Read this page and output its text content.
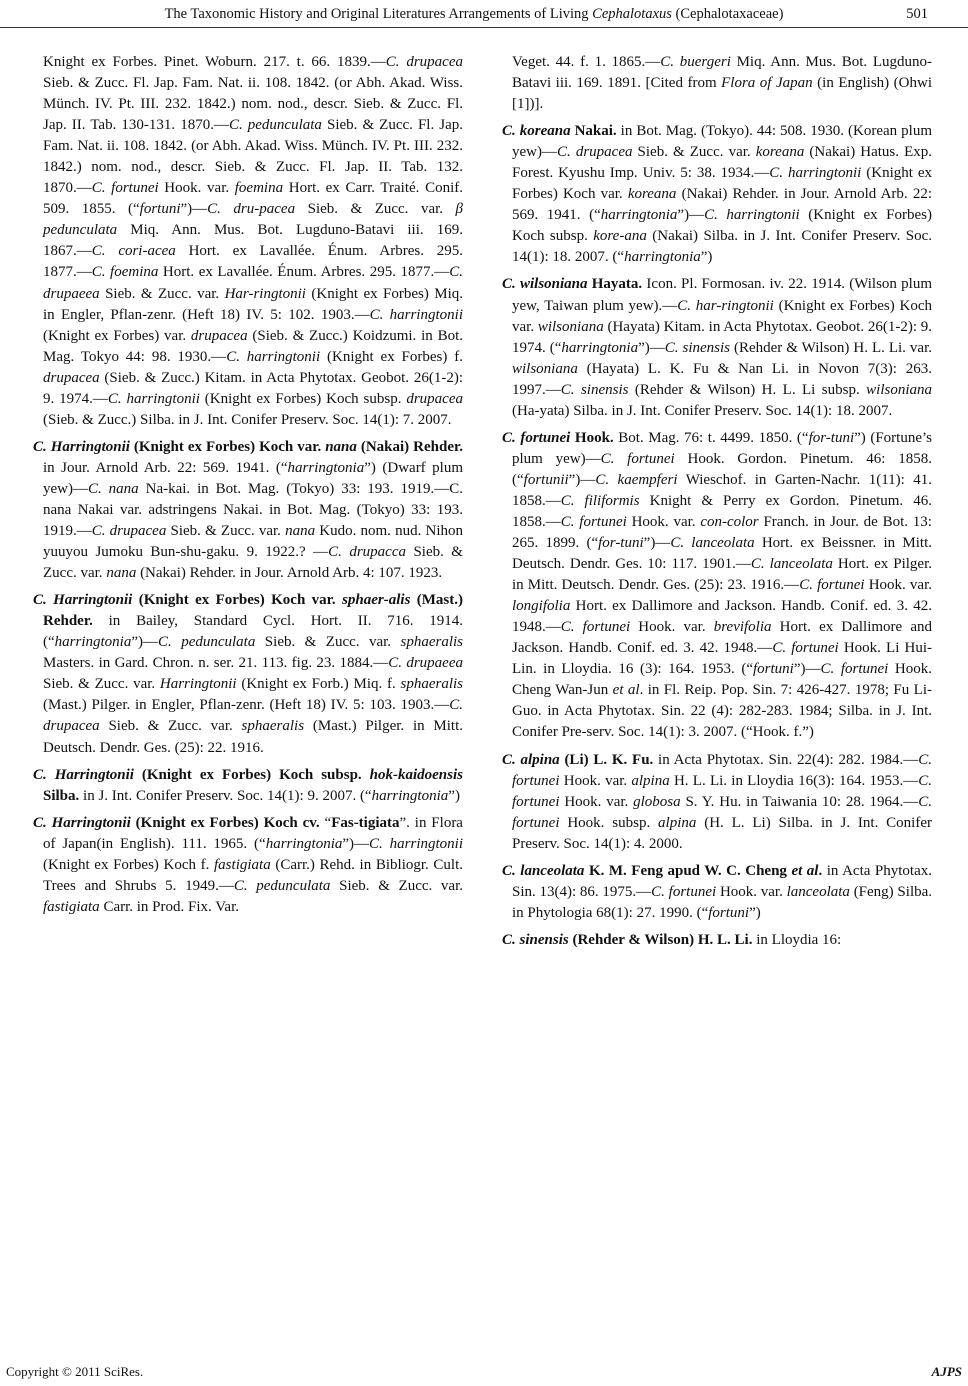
The Taxonomic History and Original Literatures Arrangements of Living Cephalotaxus (Cephalotaxaceae)	501

Knight ex Forbes. Pinet. Woburn. 217. t. 66. 1839.―C. drupacea Sieb. & Zucc. Fl. Jap. Fam. Nat. ii. 108. 1842. (or Abh. Akad. Wiss. Münch. IV. Pt. III. 232. 1842.) nom. nod., descr. Sieb. & Zucc. Fl. Jap. II. Tab. 130-131. 1870.―C. pedunculata Sieb. & Zucc. Fl. Jap. Fam. Nat. ii. 108. 1842. (or Abh. Akad. Wiss. Münch. IV. Pt. III. 232. 1842.) nom. nod., descr. Sieb. & Zucc. Fl. Jap. II. Tab. 132. 1870.―C. fortunei Hook. var. foemina Hort. ex Carr. Traité. Conif. 509. 1855. (“fortuni”)―C. dru-pacea Sieb. & Zucc. var. β pedunculata Miq. Ann. Mus. Bot. Lugduno-Batavi iii. 169. 1867.―C. cori-acea Hort. ex Lavallée. Énum. Arbres. 295. 1877.―C. foemina Hort. ex Lavallée. Énum. Arbres. 295. 1877.―C. drupaeea Sieb. & Zucc. var. Har-ringtonii (Knight ex Forbes) Miq. in Engler, Pflan-zenr. (Heft 18) IV. 5: 102. 1903.―C. harringtonii (Knight ex Forbes) var. drupacea (Sieb. & Zucc.) Koidzumi. in Bot. Mag. Tokyo 44: 98. 1930.―C. harringtonii (Knight ex Forbes) f. drupacea (Sieb. & Zucc.) Kitam. in Acta Phytotax. Geobot. 26(1-2): 9. 1974.―C. harringtonii (Knight ex Forbes) Koch subsp. drupacea (Sieb. & Zucc.) Silba. in J. Int. Conifer Preserv. Soc. 14(1): 7. 2007.

C. Harringtonii (Knight ex Forbes) Koch var. nana (Nakai) Rehder. in Jour. Arnold Arb. 22: 569. 1941. (“harringtonia”) (Dwarf plum yew)―C. nana Na-kai. in Bot. Mag. (Tokyo) 33: 193. 1919.―C. nana Nakai var. adstringens Nakai. in Bot. Mag. (Tokyo) 33: 193. 1919.―C. drupacea Sieb. & Zucc. var. nana Kudo. nom. nud. Nihon yuuyou Jumoku Bun-shu-gaku. 9. 1922.? ―C. drupacca Sieb. & Zucc. var. nana (Nakai) Rehder. in Jour. Arnold Arb. 4: 107. 1923.

C. Harringtonii (Knight ex Forbes) Koch var. sphaer-alis (Mast.) Rehder. in Bailey, Standard Cycl. Hort. II. 716. 1914. (“harringtonia”)―C. pedunculata Sieb. & Zucc. var. sphaeralis Masters. in Gard. Chron. n. ser. 21. 113. fig. 23. 1884.―C. drupaeea Sieb. & Zucc. var. Harringtonii (Knight ex Forb.) Miq. f. sphaeralis (Mast.) Pilger. in Engler, Pflan-zenr. (Heft 18) IV. 5: 103. 1903.―C. drupacea Sieb. & Zucc. var. sphaeralis (Mast.) Pilger. in Mitt. Deutsch. Dendr. Ges. (25): 22. 1916.

C. Harringtonii (Knight ex Forbes) Koch subsp. hok-kaidoensis Silba. in J. Int. Conifer Preserv. Soc. 14(1): 9. 2007. (“harringtonia”)

C. Harringtonii (Knight ex Forbes) Koch cv. “Fas-tigiata”. in Flora of Japan(in English). 111. 1965. (“harringtonia”)―C. harringtonii (Knight ex Forbes) Koch f. fastigiata (Carr.) Rehd. in Bibliogr. Cult. Trees and Shrubs 5. 1949.―C. pedunculata Sieb. & Zucc. var. fastigiata Carr. in Prod. Fix. Var.

Veget. 44. f. 1. 1865.―C. buergeri Miq. Ann. Mus. Bot. Lugduno-Batavi iii. 169. 1891. [Cited from Flora of Japan (in English) (Ohwi [1])].

C. koreana Nakai. in Bot. Mag. (Tokyo). 44: 508. 1930. (Korean plum yew)―C. drupacea Sieb. & Zucc. var. koreana (Nakai) Hatus. Exp. Forest. Kyushu Imp. Univ. 5: 38. 1934.―C. harringtonii (Knight ex Forbes) Koch var. koreana (Nakai) Rehder. in Jour. Arnold Arb. 22: 569. 1941. (“harringtonia”)―C. harringtonii (Knight ex Forbes) Koch subsp. kore-ana (Nakai) Silba. in J. Int. Conifer Preserv. Soc. 14(1): 18. 2007. (“harringtonia”)

C. wilsoniana Hayata. Icon. Pl. Formosan. iv. 22. 1914. (Wilson plum yew, Taiwan plum yew).―C. har-ringtonii (Knight ex Forbes) Koch var. wilsoniana (Hayata) Kitam. in Acta Phytotax. Geobot. 26(1-2): 9. 1974. (“harringtonia”)―C. sinensis (Rehder & Wilson) H. L. Li. var. wilsoniana (Hayata) L. K. Fu & Nan Li. in Novon 7(3): 263. 1997.―C. sinensis (Rehder & Wilson) H. L. Li subsp. wilsoniana (Ha-yata) Silba. in J. Int. Conifer Preserv. Soc. 14(1): 18. 2007.

C. fortunei Hook. Bot. Mag. 76: t. 4499. 1850. (“for-tuni”) (Fortune’s plum yew)―C. fortunei Hook. Gordon. Pinetum. 46: 1858. (“fortunii”)―C. kaempferi Wieschof. in Garten-Nachr. 1(11): 41. 1858.―C. filiformis Knight & Perry ex Gordon. Pinetum. 46. 1858.―C. fortunei Hook. var. con-color Franch. in Jour. de Bot. 13: 265. 1899. (“for-tuni”)―C. lanceolata Hort. ex Beissner. in Mitt. Deutsch. Dendr. Ges. 10: 117. 1901.―C. lanceolata Hort. ex Pilger. in Mitt. Deutsch. Dendr. Ges. (25): 23. 1916.―C. fortunei Hook. var. longifolia Hort. ex Dallimore and Jackson. Handb. Conif. ed. 3. 42. 1948.―C. fortunei Hook. var. brevifolia Hort. ex Dallimore and Jackson. Handb. Conif. ed. 3. 42. 1948.―C. fortunei Hook. Li Hui-Lin. in Lloydia. 16 (3): 164. 1953. (“fortuni”)―C. fortunei Hook. Cheng Wan-Jun et al. in Fl. Reip. Pop. Sin. 7: 426-427. 1978; Fu Li-Guo. in Acta Phytotax. Sin. 22 (4): 282-283. 1984; Silba. in J. Int. Conifer Pre-serv. Soc. 14(1): 3. 2007. (“Hook. f.”)

C. alpina (Li) L. K. Fu. in Acta Phytotax. Sin. 22(4): 282. 1984.―C. fortunei Hook. var. alpina H. L. Li. in Lloydia 16(3): 164. 1953.―C. fortunei Hook. var. globosa S. Y. Hu. in Taiwania 10: 28. 1964.―C. fortunei Hook. subsp. alpina (H. L. Li) Silba. in J. Int. Conifer Preserv. Soc. 14(1): 4. 2000.

C. lanceolata K. M. Feng apud W. C. Cheng et al. in Acta Phytotax. Sin. 13(4): 86. 1975.―C. fortunei Hook. var. lanceolata (Feng) Silba. in Phytologia 68(1): 27. 1990. (“fortuni”)

C. sinensis (Rehder & Wilson) H. L. Li. in Lloydia 16:

Copyright © 2011 SciRes.	AJPS
